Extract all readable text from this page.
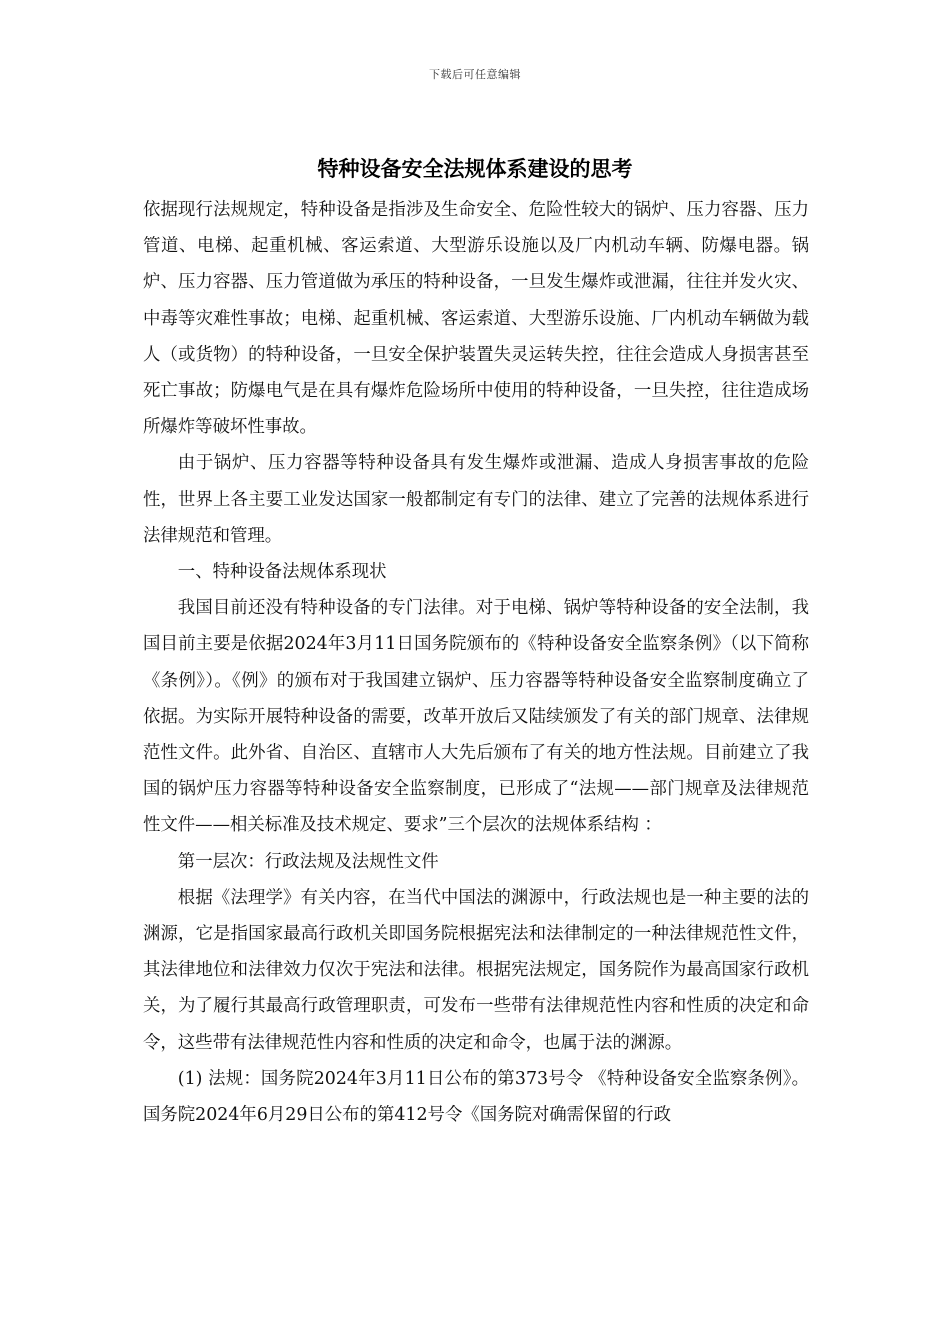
下载后可任意编辑
特种设备安全法规体系建设的思考

依据现行法规规定，特种设备是指涉及生命安全、危险性较大的锅炉、压力容器、压力管道、电梯、起重机械、客运索道、大型游乐设施以及厂内机动车辆、防爆电器。锅炉、压力容器、压力管道做为承压的特种设备，一旦发生爆炸或泄漏，往往并发火灾、中毒等灾难性事故；电梯、起重机械、客运索道、大型游乐设施、厂内机动车辆做为载人（或货物）的特种设备，一旦安全保护装置失灵运转失控，往往会造成人身损害甚至死亡事故；防爆电气是在具有爆炸危险场所中使用的特种设备，一旦失控，往往造成场所爆炸等破坏性事故。

由于锅炉、压力容器等特种设备具有发生爆炸或泄漏、造成人身损害事故的危险性，世界上各主要工业发达国家一般都制定有专门的法律、建立了完善的法规体系进行法律规范和管理。

一、特种设备法规体系现状

我国目前还没有特种设备的专门法律。对于电梯、锅炉等特种设备的安全法制，我国目前主要是依据2024年3月11日国务院颁布的《特种设备安全监察条例》（以下简称《条例》）。《例》的颁布对于我国建立锅炉、压力容器等特种设备安全监察制度确立了依据。为实际开展特种设备的需要，改革开放后又陆续颁发了有关的部门规章、法律规范性文件。此外省、自治区、直辖市人大先后颁布了有关的地方性法规。目前建立了我国的锅炉压力容器等特种设备安全监察制度，已形成了“法规——部门规章及法律规范性文件——相关标准及技术规定、要求”三个层次的法规体系结构 ：

第一层次：行政法规及法规性文件

根据《法理学》有关内容，在当代中国法的渊源中，行政法规也是一种主要的法的渊源，它是指国家最高行政机关即国务院根据宪法和法律制定的一种法律规范性文件，其法律地位和法律效力仅次于宪法和法律。根据宪法规定，国务院作为最高国家行政机关，为了履行其最高行政管理职责，可发布一些带有法律规范性内容和性质的决定和命令，这些带有法律规范性内容和性质的决定和命令，也属于法的渊源。

(1) 法规：国务院2024年3月11日公布的第373号令 《特种设备安全监察条例》。国务院2024年6月29日公布的第412号令《国务院对确需保留的行政
